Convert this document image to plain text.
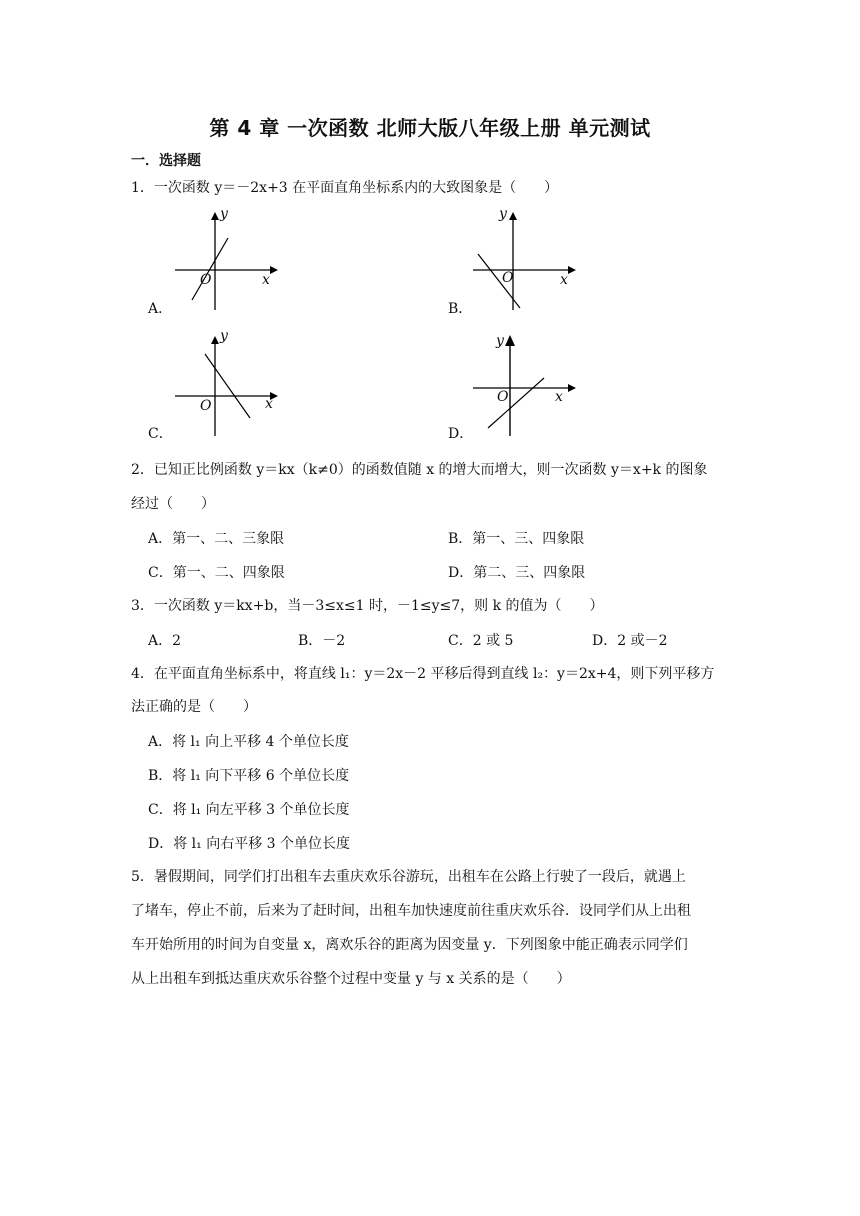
第 4 章 一次函数 北师大版八年级上册 单元测试
一．选择题
1．一次函数 y＝－2x+3 在平面直角坐标系内的大致图象是（　　）
y
x
O
A．
y
x
O
B．
y
x
O
C．
y
x
O
D．
2．已知正比例函数 y＝kx（k≠0）的函数值随 x 的增大而增大，则一次函数 y＝x+k 的图象
经过（　　）
A．第一、二、三象限	B．第一、三、四象限
C．第一、二、四象限	D．第二、三、四象限
3．一次函数 y＝kx+b，当－3≤x≤1 时，－1≤y≤7，则 k 的值为（　　）
A．2	B．－2	C．2 或 5	D．2 或－2
4．在平面直角坐标系中，将直线 l₁：y＝2x－2 平移后得到直线 l₂：y＝2x+4，则下列平移方
法正确的是（　　）
A．将 l₁ 向上平移 4 个单位长度
B．将 l₁ 向下平移 6 个单位长度
C．将 l₁ 向左平移 3 个单位长度
D．将 l₁ 向右平移 3 个单位长度
5．暑假期间，同学们打出租车去重庆欢乐谷游玩，出租车在公路上行驶了一段后，就遇上
了堵车，停止不前，后来为了赶时间，出租车加快速度前往重庆欢乐谷．设同学们从上出租
车开始所用的时间为自变量 x，离欢乐谷的距离为因变量 y．下列图象中能正确表示同学们
从上出租车到抵达重庆欢乐谷整个过程中变量 y 与 x 关系的是（　　）
